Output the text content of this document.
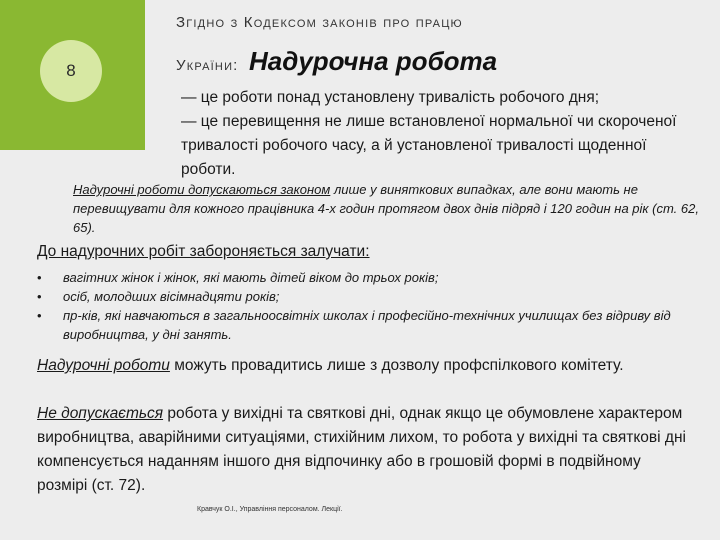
8
Згідно з Кодексом законів про працю
України: Надурочна робота
— це роботи понад установлену тривалість робочого дня;
— це перевищення не лише встановленої нормальної чи скороченої тривалості робочого часу, а й установленої тривалості щоденної роботи.
Надурочні роботи допускаються законом лише у виняткових випадках, але вони мають не перевищувати для кожного працівника 4-х годин протягом двох днів підряд і 120 годин на рік (ст. 62, 65).
До надурочних робіт забороняється залучати:
•	вагітних жінок і жінок, які мають дітей віком до трьох років;
•	осіб, молодших вісімнадцяти років;
•	пр-ків, які навчаються в загальноосвітніх школах і професійно-технічних училищах без відриву від виробництва, у дні занять.
Надурочні роботи можуть провадитись лише з дозволу профспілкового комітету.
Не допускається робота у вихідні та святкові дні, однак якщо це обумовлене характером виробництва, аварійними ситуаціями, стихійним лихом, то робота у вихідні та святкові дні компенсується наданням іншого дня відпочинку або в грошовій формі в подвійному розмірі (ст. 72).
Кравчук О.І., Управління персоналом. Лекції.
